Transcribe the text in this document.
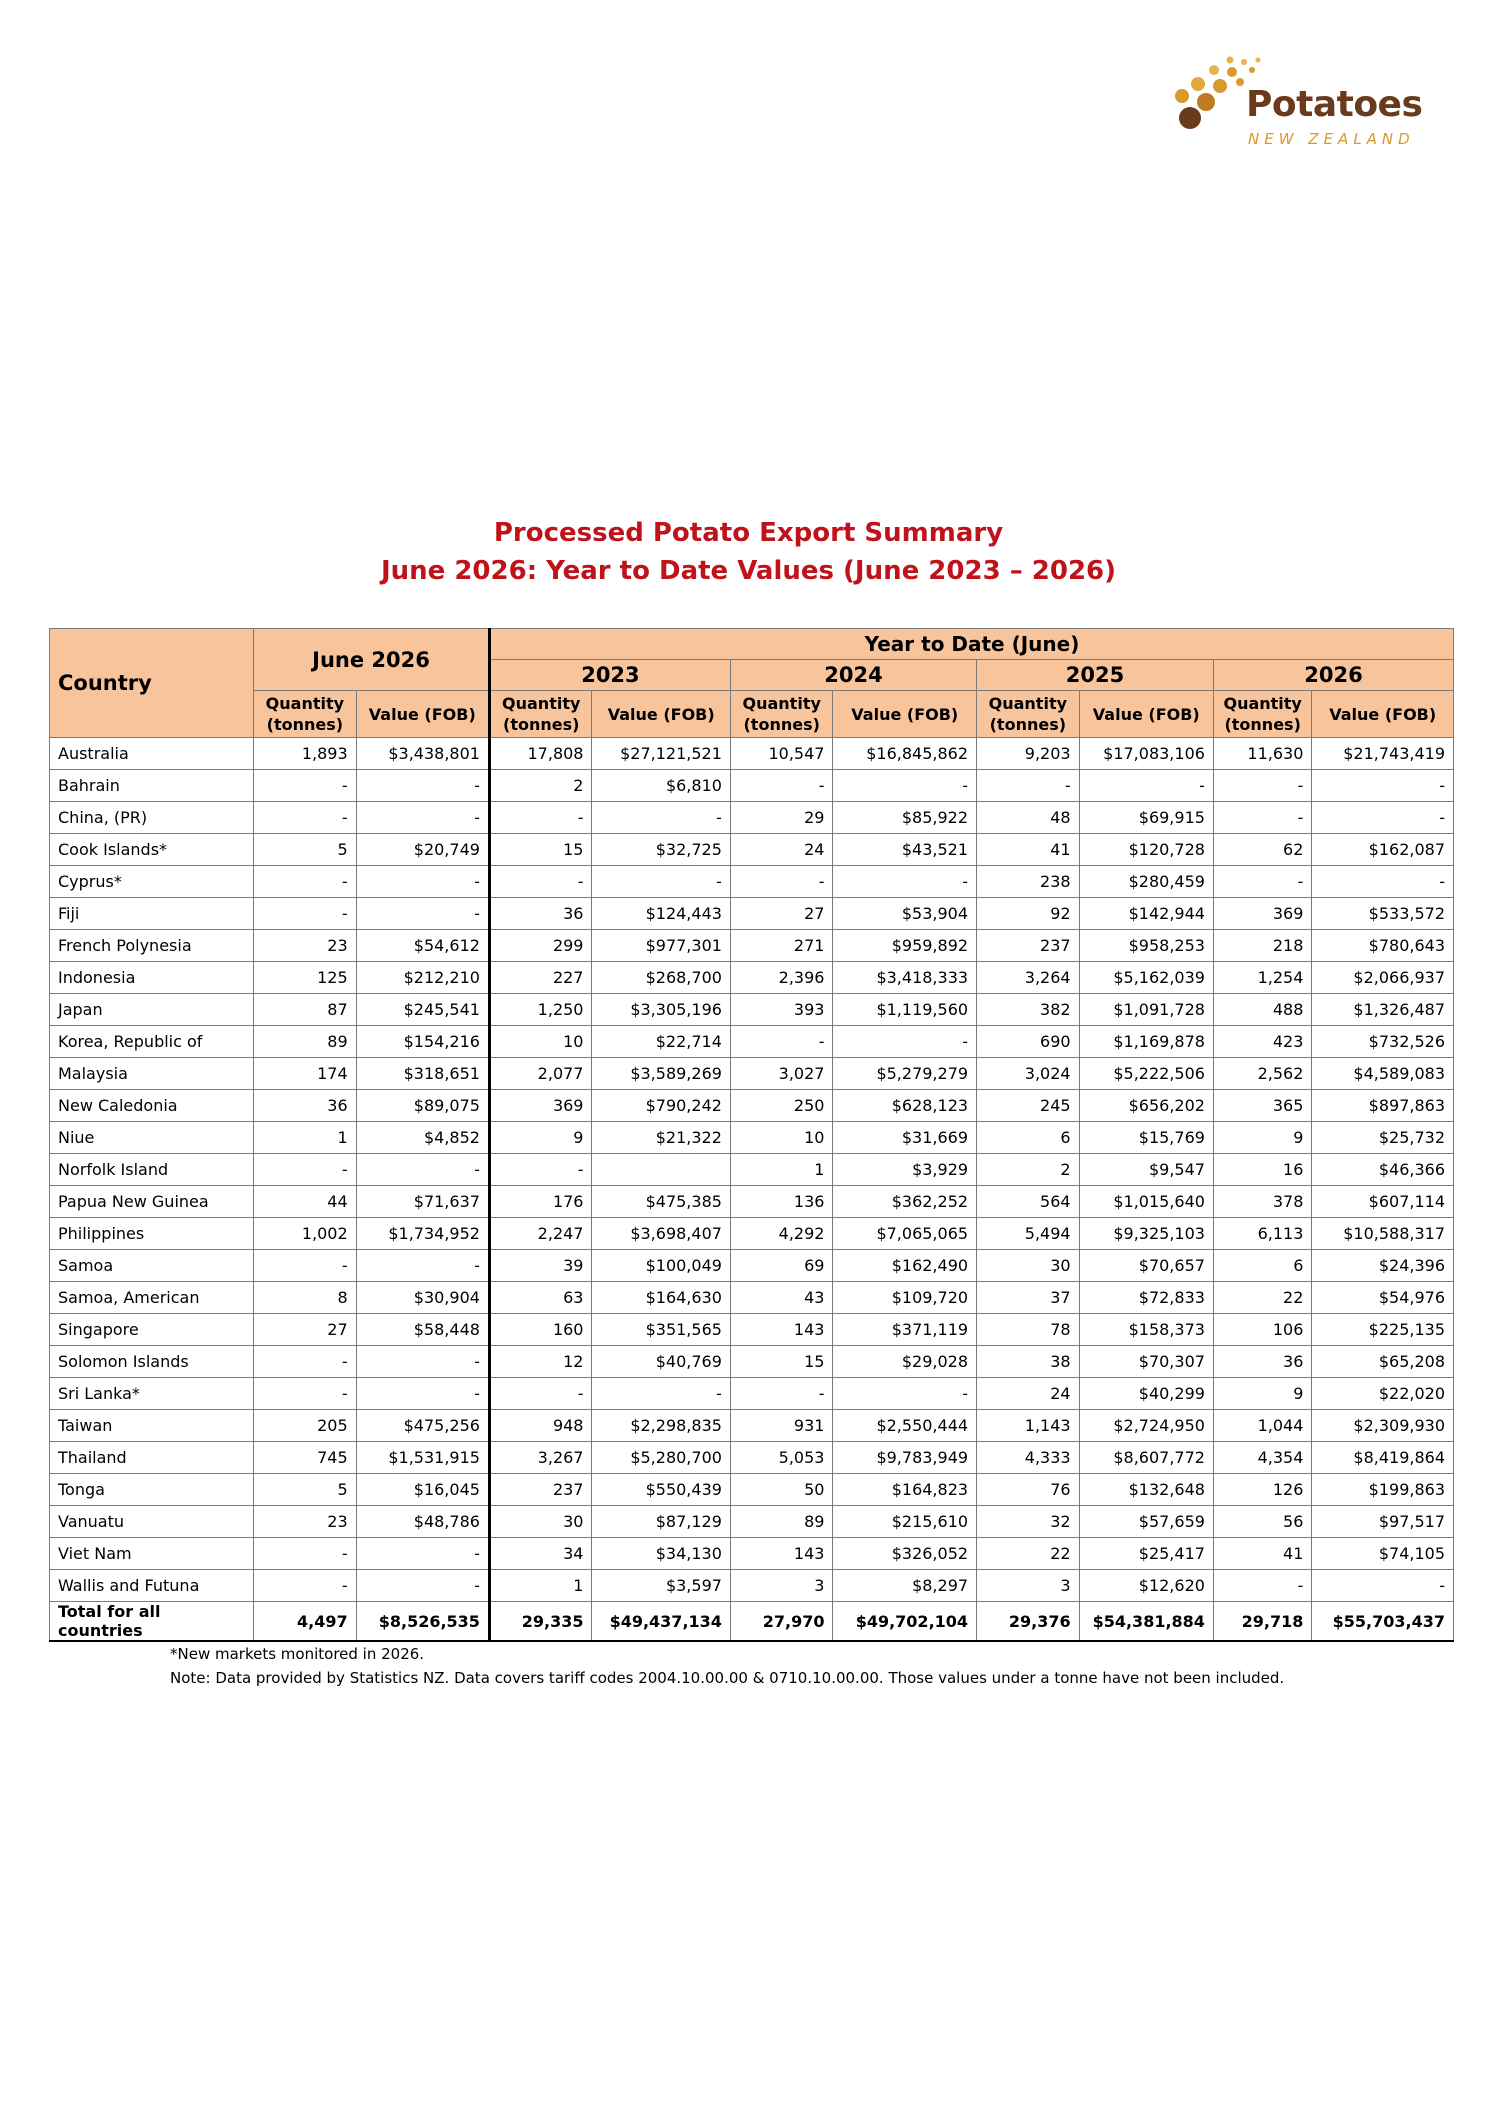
Potatoes
NEW ZEALAND
Processed Potato Export Summary
June 2026: Year to Date Values (June 2023 – 2026)
Country	June 2026		Year to Date (June)							
			2023		2024		2025		2026	
	Quantity (tonnes)	Value (FOB)	Quantity (tonnes)	Value (FOB)	Quantity (tonnes)	Value (FOB)	Quantity (tonnes)	Value (FOB)	Quantity (tonnes)	Value (FOB)
Australia	1,893	$3,438,801	17,808	$27,121,521	10,547	$16,845,862	9,203	$17,083,106	11,630	$21,743,419
Bahrain	-	-	2	$6,810	-	-	-	-	-	-
China, (PR)	-	-	-	-	29	$85,922	48	$69,915	-	-
Cook Islands*	5	$20,749	15	$32,725	24	$43,521	41	$120,728	62	$162,087
Cyprus*	-	-	-	-	-	-	238	$280,459	-	-
Fiji	-	-	36	$124,443	27	$53,904	92	$142,944	369	$533,572
French Polynesia	23	$54,612	299	$977,301	271	$959,892	237	$958,253	218	$780,643
Indonesia	125	$212,210	227	$268,700	2,396	$3,418,333	3,264	$5,162,039	1,254	$2,066,937
Japan	87	$245,541	1,250	$3,305,196	393	$1,119,560	382	$1,091,728	488	$1,326,487
Korea, Republic of	89	$154,216	10	$22,714	-	-	690	$1,169,878	423	$732,526
Malaysia	174	$318,651	2,077	$3,589,269	3,027	$5,279,279	3,024	$5,222,506	2,562	$4,589,083
New Caledonia	36	$89,075	369	$790,242	250	$628,123	245	$656,202	365	$897,863
Niue	1	$4,852	9	$21,322	10	$31,669	6	$15,769	9	$25,732
Norfolk Island	-	-	-		1	$3,929	2	$9,547	16	$46,366
Papua New Guinea	44	$71,637	176	$475,385	136	$362,252	564	$1,015,640	378	$607,114
Philippines	1,002	$1,734,952	2,247	$3,698,407	4,292	$7,065,065	5,494	$9,325,103	6,113	$10,588,317
Samoa	-	-	39	$100,049	69	$162,490	30	$70,657	6	$24,396
Samoa, American	8	$30,904	63	$164,630	43	$109,720	37	$72,833	22	$54,976
Singapore	27	$58,448	160	$351,565	143	$371,119	78	$158,373	106	$225,135
Solomon Islands	-	-	12	$40,769	15	$29,028	38	$70,307	36	$65,208
Sri Lanka*	-	-	-	-	-	-	24	$40,299	9	$22,020
Taiwan	205	$475,256	948	$2,298,835	931	$2,550,444	1,143	$2,724,950	1,044	$2,309,930
Thailand	745	$1,531,915	3,267	$5,280,700	5,053	$9,783,949	4,333	$8,607,772	4,354	$8,419,864
Tonga	5	$16,045	237	$550,439	50	$164,823	76	$132,648	126	$199,863
Vanuatu	23	$48,786	30	$87,129	89	$215,610	32	$57,659	56	$97,517
Viet Nam	-	-	34	$34,130	143	$326,052	22	$25,417	41	$74,105
Wallis and Futuna	-	-	1	$3,597	3	$8,297	3	$12,620	-	-
Total for all countries	4,497	$8,526,535	29,335	$49,437,134	27,970	$49,702,104	29,376	$54,381,884	29,718	$55,703,437
*New markets monitored in 2026.
Note: Data provided by Statistics NZ. Data covers tariff codes 2004.10.00.00 & 0710.10.00.00. Those values under a tonne have not been included.
